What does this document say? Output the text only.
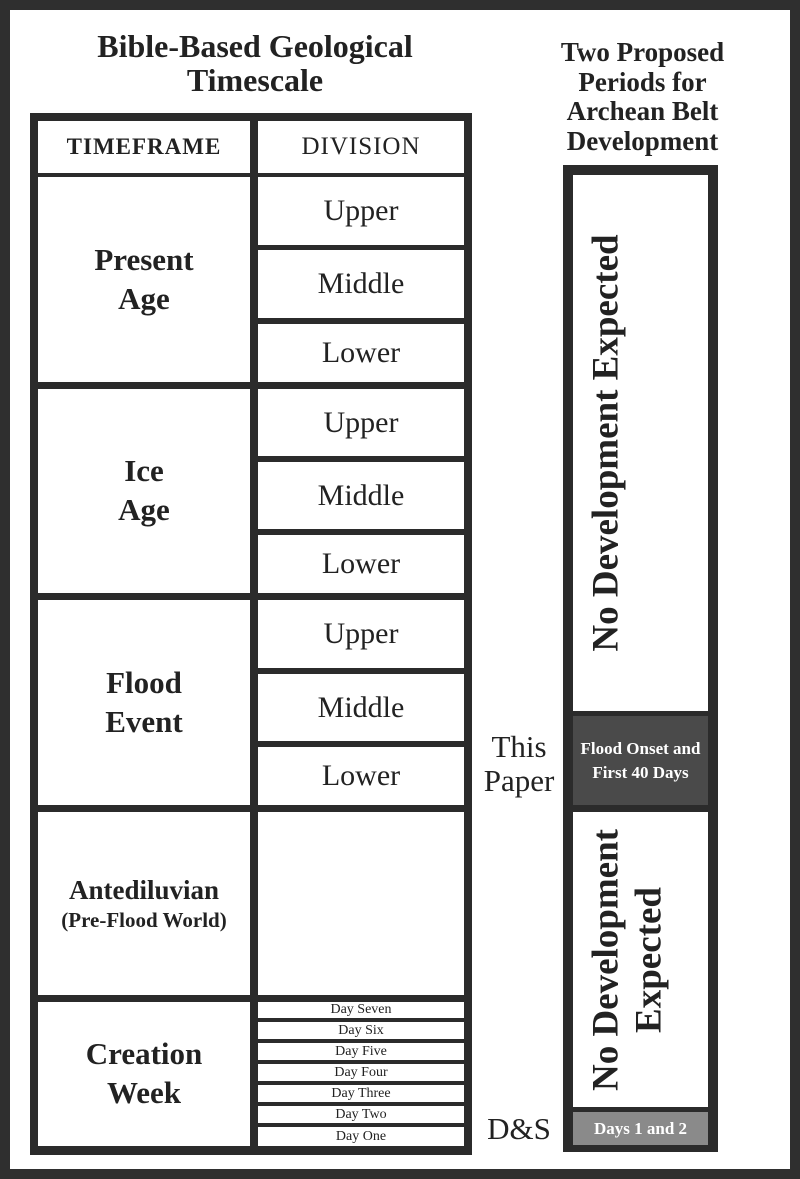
Bible-Based Geological Timescale
Two Proposed Periods for Archean Belt Development
TIMEFRAME	DIVISION
Present Age
Ice Age
Flood Event
Antediluvian
(Pre-Flood World)
Creation Week
Upper
Middle
Lower
Upper
Middle
Lower
Upper
Middle
Lower
Day Seven
Day Six
Day Five
Day Four
Day Three
Day Two
Day One
No Development Expected
Flood Onset and First 40 Days
No Development Expected
Days 1 and 2
This Paper
D&S
